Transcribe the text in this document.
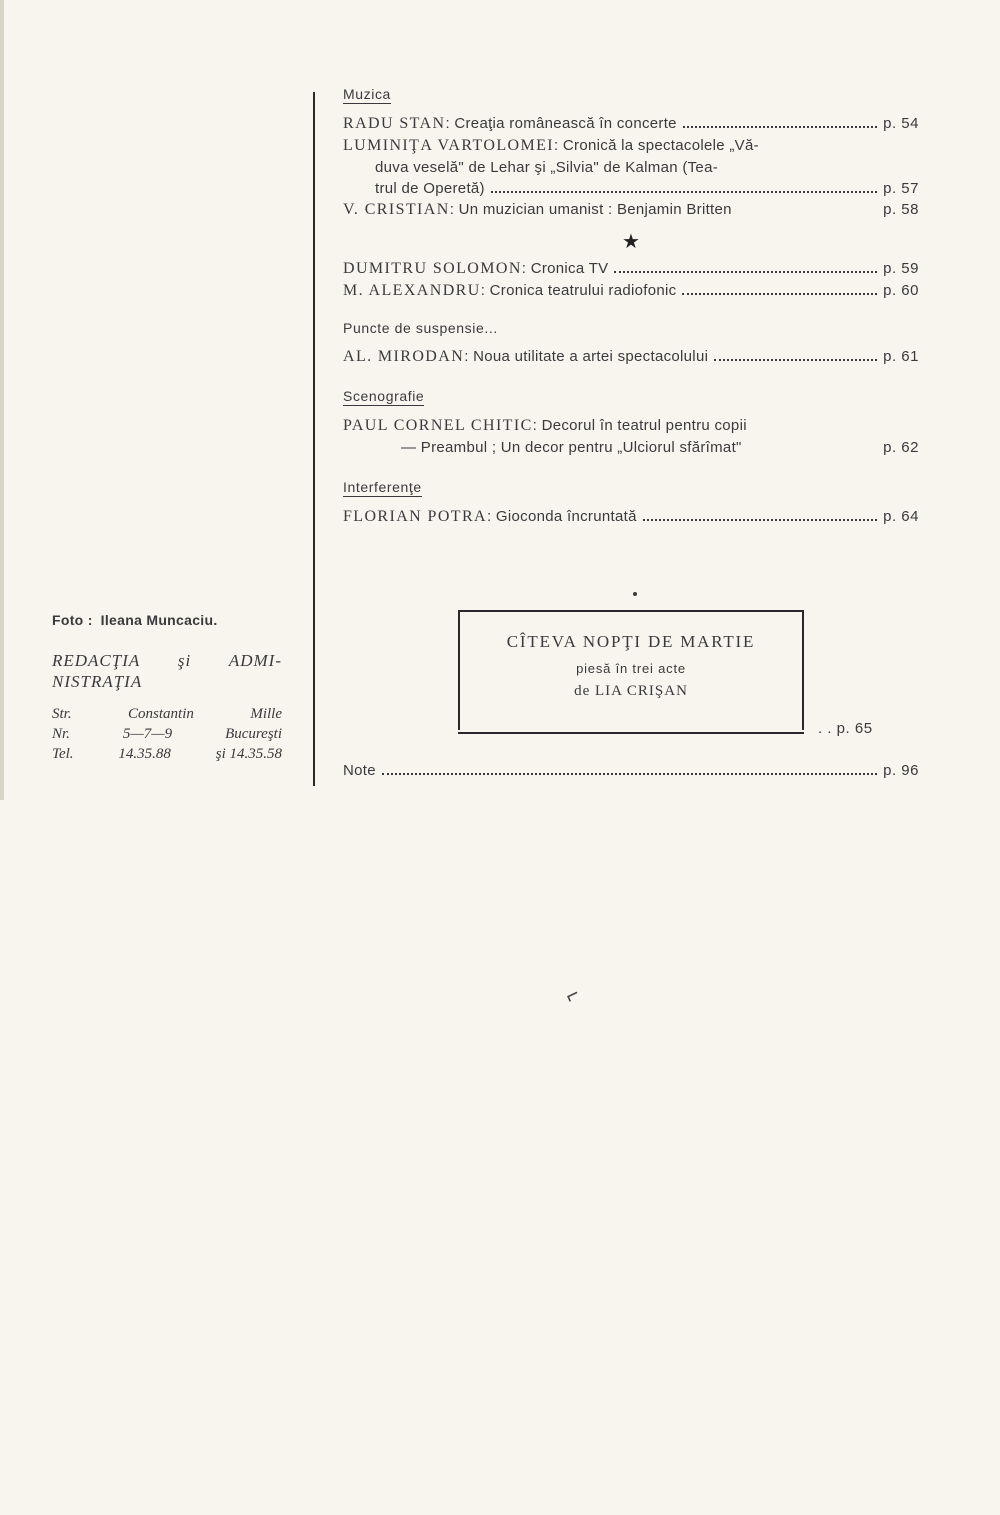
Foto : Ileana Muncaciu.
REDACŢIA şi ADMI-NISTRAŢIA
Str.	Constantin	Mille
Nr.	5—7—9	Bucureşti
Tel.	14.35.88	şi 14.35.58
Muzica
RADU STAN : Creaţia românească în concerte	p. 54
LUMINIŢA VARTOLOMEI : Cronică la spectacolele „Vă-
duva veselă" de Lehar şi „Silvia" de Kalman (Tea-
trul de Operetă)	p. 57
V. CRISTIAN : Un muzician umanist : Benjamin Britten	p. 58
★
DUMITRU SOLOMON : Cronica TV	p. 59
M. ALEXANDRU : Cronica teatrului radiofonic	p. 60
Puncte de suspensie...
AL. MIRODAN : Noua utilitate a artei spectacolului	p. 61
Scenografie
PAUL CORNEL CHITIC : Decorul în teatrul pentru copii
— Preambul ; Un decor pentru „Ulciorul sfărîmat"	p. 62
Interferenţe
FLORIAN POTRA : Gioconda încruntată	p. 64
CÎTEVA NOPŢI DE MARTIE
piesă în trei acte
de LIA CRIŞAN
. . p. 65
Note	p. 96
⌐
